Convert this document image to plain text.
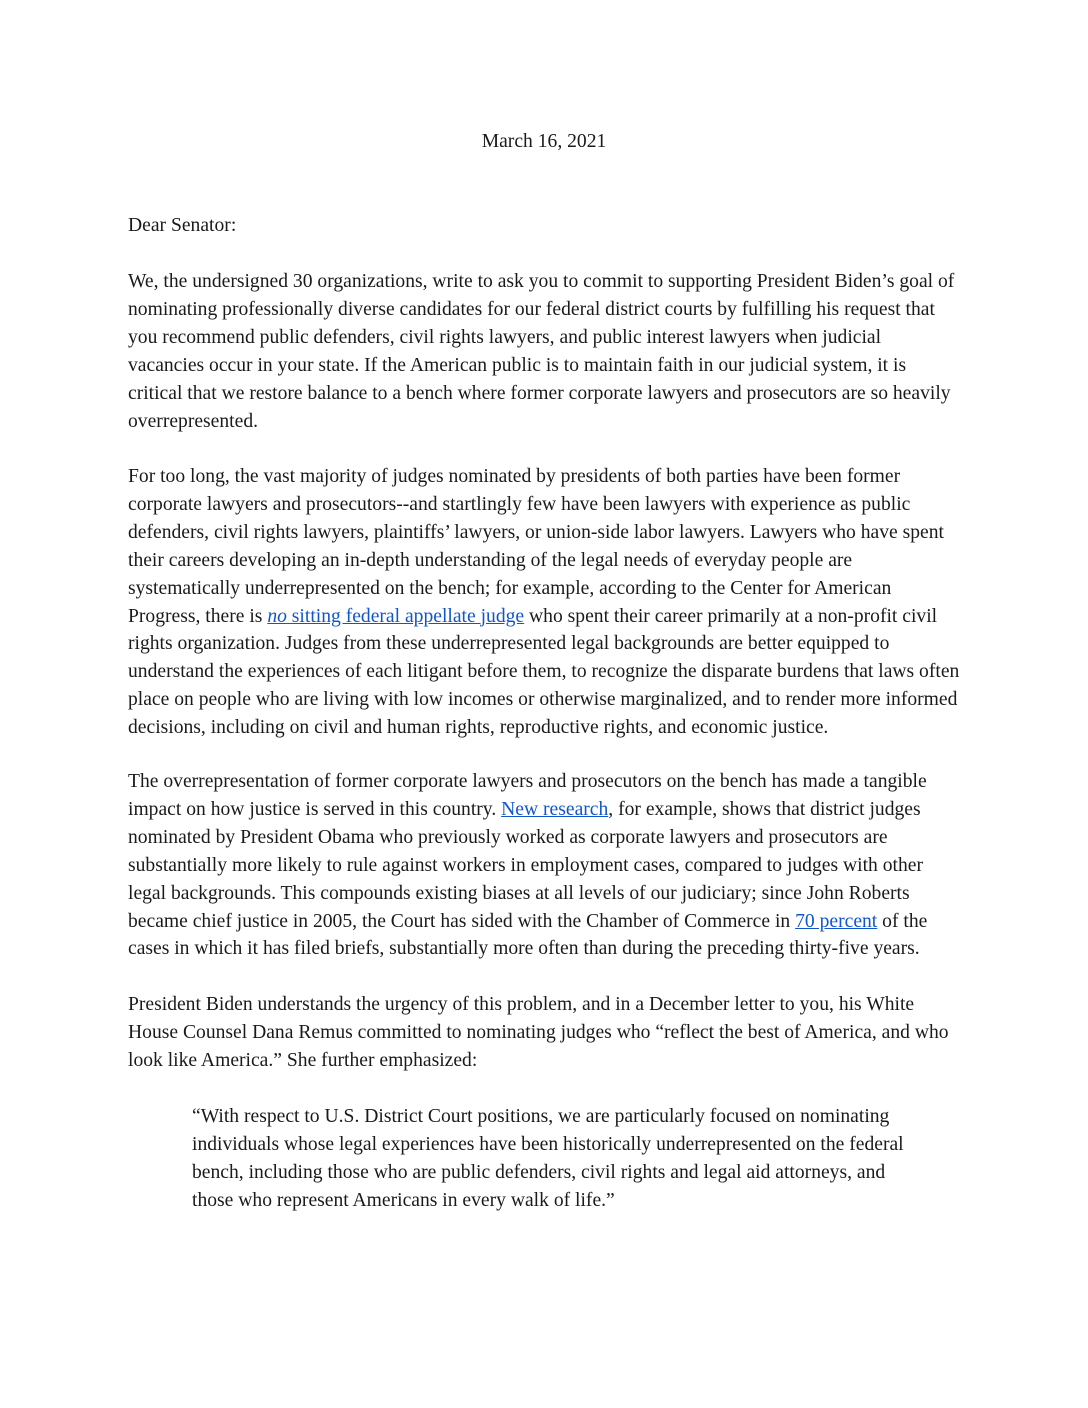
March 16, 2021
Dear Senator:

We, the undersigned 30 organizations, write to ask you to commit to supporting President Biden’s goal of nominating professionally diverse candidates for our federal district courts by fulfilling his request that you recommend public defenders, civil rights lawyers, and public interest lawyers when judicial vacancies occur in your state. If the American public is to maintain faith in our judicial system, it is critical that we restore balance to a bench where former corporate lawyers and prosecutors are so heavily overrepresented.

For too long, the vast majority of judges nominated by presidents of both parties have been former corporate lawyers and prosecutors--and startlingly few have been lawyers with experience as public defenders, civil rights lawyers, plaintiffs’ lawyers, or union-side labor lawyers. Lawyers who have spent their careers developing an in-depth understanding of the legal needs of everyday people are systematically underrepresented on the bench; for example, according to the Center for American Progress, there is no sitting federal appellate judge who spent their career primarily at a non-profit civil rights organization. Judges from these underrepresented legal backgrounds are better equipped to understand the experiences of each litigant before them, to recognize the disparate burdens that laws often place on people who are living with low incomes or otherwise marginalized, and to render more informed decisions, including on civil and human rights, reproductive rights, and economic justice.

The overrepresentation of former corporate lawyers and prosecutors on the bench has made a tangible impact on how justice is served in this country. New research, for example, shows that district judges nominated by President Obama who previously worked as corporate lawyers and prosecutors are substantially more likely to rule against workers in employment cases, compared to judges with other legal backgrounds. This compounds existing biases at all levels of our judiciary; since John Roberts became chief justice in 2005, the Court has sided with the Chamber of Commerce in 70 percent of the cases in which it has filed briefs, substantially more often than during the preceding thirty-five years.

President Biden understands the urgency of this problem, and in a December letter to you, his White House Counsel Dana Remus committed to nominating judges who “reflect the best of America, and who look like America.” She further emphasized:

“With respect to U.S. District Court positions, we are particularly focused on nominating individuals whose legal experiences have been historically underrepresented on the federal bench, including those who are public defenders, civil rights and legal aid attorneys, and those who represent Americans in every walk of life.”
